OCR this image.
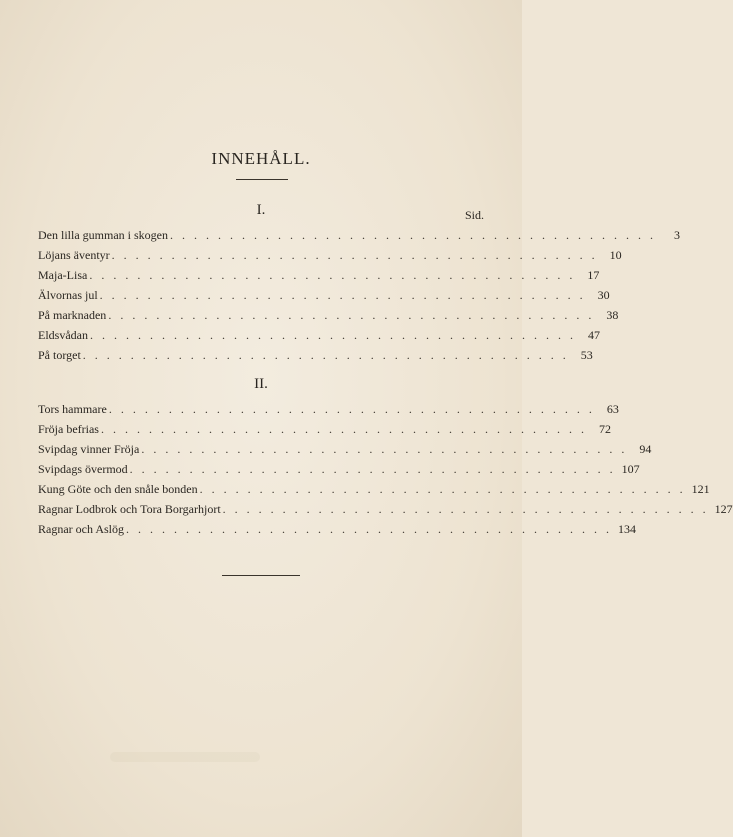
INNEHÅLL.
I.	Sid.
Den lilla gumman i skogen . . . . . . . . . . . . . . . . . . . . . . . . . . . . . . . . . . . . . . . . .	3
Löjans äventyr . . . . . . . . . . . . . . . . . . . . . . . . . . . . . . . . . . . . . . . . .	10
Maja-Lisa . . . . . . . . . . . . . . . . . . . . . . . . . . . . . . . . . . . . . . . . .	17
Älvornas jul . . . . . . . . . . . . . . . . . . . . . . . . . . . . . . . . . . . . . . . . .	30
På marknaden . . . . . . . . . . . . . . . . . . . . . . . . . . . . . . . . . . . . . . . . .	38
Eldsvådan . . . . . . . . . . . . . . . . . . . . . . . . . . . . . . . . . . . . . . . . .	47
På torget . . . . . . . . . . . . . . . . . . . . . . . . . . . . . . . . . . . . . . . . .	53
II.
Tors hammare . . . . . . . . . . . . . . . . . . . . . . . . . . . . . . . . . . . . . . . . .	63
Fröja befrias . . . . . . . . . . . . . . . . . . . . . . . . . . . . . . . . . . . . . . . . .	72
Svipdag vinner Fröja . . . . . . . . . . . . . . . . . . . . . . . . . . . . . . . . . . . . . . . . .	94
Svipdags övermod . . . . . . . . . . . . . . . . . . . . . . . . . . . . . . . . . . . . . . . . . 107
Kung Göte och den snåle bonden . . . . . . . . . . . . . . . . . . . . . . . . . . . . . . . . . . . . . . . . . 121
Ragnar Lodbrok och Tora Borgarhjort . . . . . . . . . . . . . . . . . . . . . . . . . . . . . . . . . . . . . . . . . 127
Ragnar och Aslög . . . . . . . . . . . . . . . . . . . . . . . . . . . . . . . . . . . . . . . . . 134
